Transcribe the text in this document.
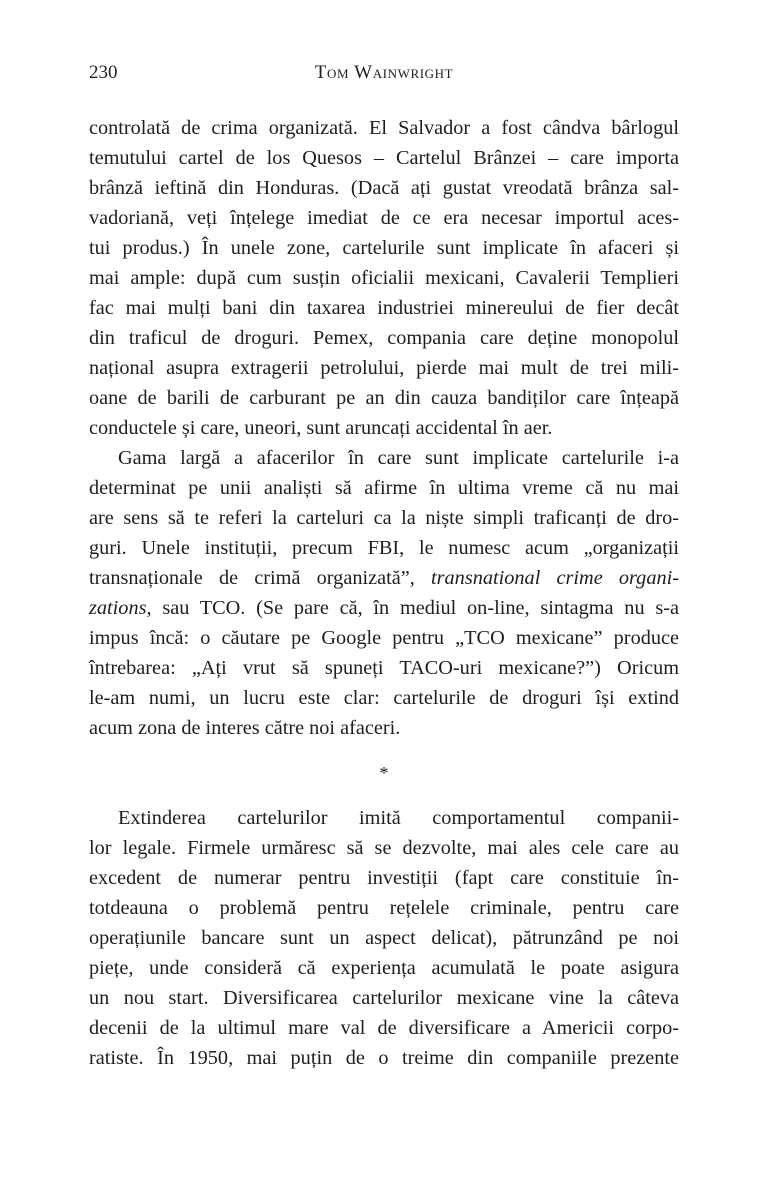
230	Tom Wainwright
controlată de crima organizată. El Salvador a fost cândva bârlogul
temutului cartel de los Quesos – Cartelul Brânzei – care importa
brânză ieftină din Honduras. (Dacă ați gustat vreodată brânza sal-
vadoriană, veți înțelege imediat de ce era necesar importul aces-
tui produs.) În unele zone, cartelurile sunt implicate în afaceri și
mai ample: după cum susțin oficialii mexicani, Cavalerii Templieri
fac mai mulți bani din taxarea industriei minereului de fier decât
din traficul de droguri. Pemex, compania care deține monopolul
național asupra extragerii petrolului, pierde mai mult de trei mili-
oane de barili de carburant pe an din cauza bandiților care înțeapă
conductele și care, uneori, sunt aruncați accidental în aer.
Gama largă a afacerilor în care sunt implicate cartelurile i-a
determinat pe unii analiști să afirme în ultima vreme că nu mai
are sens să te referi la carteluri ca la niște simpli traficanți de dro-
guri. Unele instituții, precum FBI, le numesc acum „organizații
transnaționale de crimă organizată”, transnational crime organi-
zations, sau TCO. (Se pare că, în mediul on-line, sintagma nu s-a
impus încă: o căutare pe Google pentru „TCO mexicane” produce
întrebarea: „Ați vrut să spuneți TACO-uri mexicane?”) Oricum
le-am numi, un lucru este clar: cartelurile de droguri își extind
acum zona de interes către noi afaceri.
*
Extinderea cartelurilor imită comportamentul companii-
lor legale. Firmele urmăresc să se dezvolte, mai ales cele care au
excedent de numerar pentru investiții (fapt care constituie în-
totdeauna o problemă pentru rețelele criminale, pentru care
operațiunile bancare sunt un aspect delicat), pătrunzând pe noi
piețe, unde consideră că experiența acumulată le poate asigura
un nou start. Diversificarea cartelurilor mexicane vine la câteva
decenii de la ultimul mare val de diversificare a Americii corpo-
ratiste. În 1950, mai puțin de o treime din companiile prezente
